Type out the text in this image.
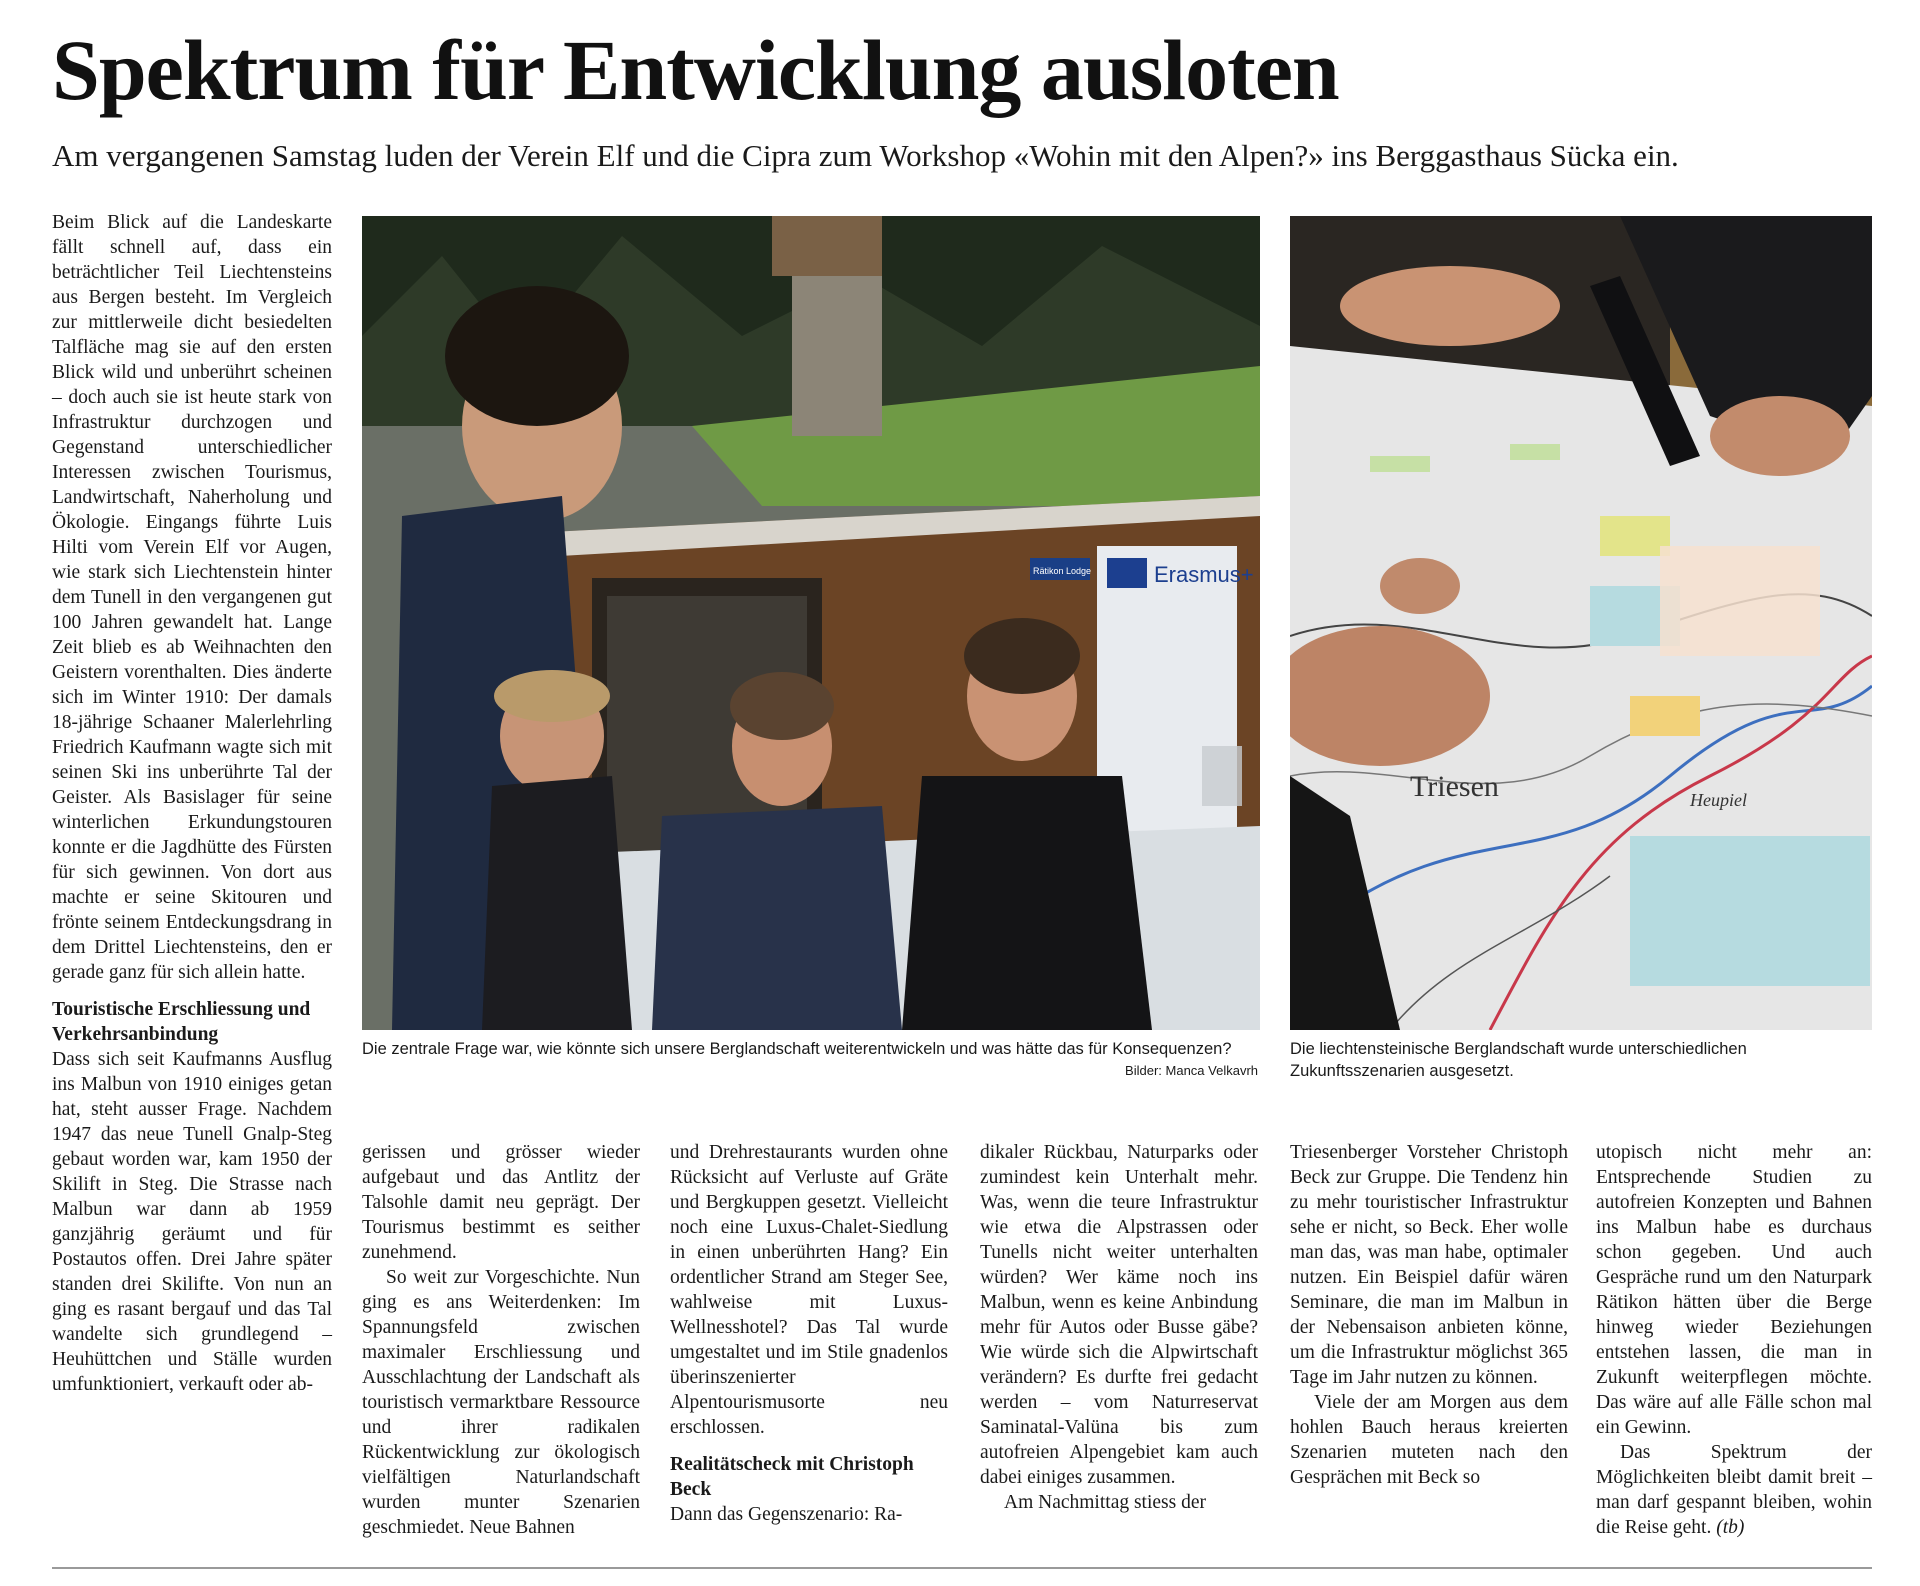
Spektrum für Entwicklung ausloten

Am vergangenen Samstag luden der Verein Elf und die Cipra zum Workshop «Wohin mit den Alpen?» ins Berggasthaus Sücka ein.

Beim Blick auf die Landeskarte fällt schnell auf, dass ein beträchtlicher Teil Liechtensteins aus Bergen besteht. Im Vergleich zur mittlerweile dicht besiedelten Talfläche mag sie auf den ersten Blick wild und unberührt scheinen – doch auch sie ist heute stark von Infrastruktur durchzogen und Gegenstand unterschiedlicher Interessen zwischen Tourismus, Landwirtschaft, Naherholung und Ökologie. Eingangs führte Luis Hilti vom Verein Elf vor Augen, wie stark sich Liechtenstein hinter dem Tunell in den vergangenen gut 100 Jahren gewandelt hat. Lange Zeit blieb es ab Weihnachten den Geistern vorenthalten. Dies änderte sich im Winter 1910: Der damals 18-jährige Schaaner Malerlehrling Friedrich Kaufmann wagte sich mit seinen Ski ins unberührte Tal der Geister. Als Basislager für seine winterlichen Erkundungstouren konnte er die Jagdhütte des Fürsten für sich gewinnen. Von dort aus machte er seine Skitouren und frönte seinem Entdeckungsdrang in dem Drittel Liechtensteins, den er gerade ganz für sich allein hatte.

Touristische Erschliessung und Verkehrsanbindung

Dass sich seit Kaufmanns Ausflug ins Malbun von 1910 einiges getan hat, steht ausser Frage. Nachdem 1947 das neue Tunell Gnalp-Steg gebaut worden war, kam 1950 der Skilift in Steg. Die Strasse nach Malbun war dann ab 1959 ganzjährig geräumt und für Postautos offen. Drei Jahre später standen drei Skilifte. Von nun an ging es rasant bergauf und das Tal wandelte sich grundlegend – Heuhüttchen und Ställe wurden umfunktioniert, verkauft oder ab-

Erasmus+
Rätikon Lodge
Triesen	Heupiel
Die zentrale Frage war, wie könnte sich unsere Berglandschaft weiterentwickeln und was hätte das für Konsequenzen?
Bilder: Manca Velkavrh
Die liechtensteinische Berglandschaft wurde unterschiedlichen Zukunftsszenarien ausgesetzt.

gerissen und grösser wieder aufgebaut und das Antlitz der Talsohle damit neu geprägt. Der Tourismus bestimmt es seither zunehmend.

So weit zur Vorgeschichte. Nun ging es ans Weiterdenken: Im Spannungsfeld zwischen maximaler Erschliessung und Ausschlachtung der Landschaft als touristisch vermarktbare Ressource und ihrer radikalen Rückentwicklung zur ökologisch vielfältigen Naturlandschaft wurden munter Szenarien geschmiedet. Neue Bahnen

und Drehrestaurants wurden ohne Rücksicht auf Verluste auf Gräte und Bergkuppen gesetzt. Vielleicht noch eine Luxus-Chalet-Siedlung in einen unberührten Hang? Ein ordentlicher Strand am Steger See, wahlweise mit Luxus-Wellnesshotel? Das Tal wurde umgestaltet und im Stile gnadenlos überinszenierter Alpentourismusorte neu erschlossen.

Realitätscheck mit Christoph Beck

Dann das Gegenszenario: Ra-

dikaler Rückbau, Naturparks oder zumindest kein Unterhalt mehr. Was, wenn die teure Infrastruktur wie etwa die Alpstrassen oder Tunells nicht weiter unterhalten würden? Wer käme noch ins Malbun, wenn es keine Anbindung mehr für Autos oder Busse gäbe? Wie würde sich die Alpwirtschaft verändern? Es durfte frei gedacht werden – vom Naturreservat Saminatal-Valüna bis zum autofreien Alpengebiet kam auch dabei einiges zusammen.

Am Nachmittag stiess der

Triesenberger Vorsteher Christoph Beck zur Gruppe. Die Tendenz hin zu mehr touristischer Infrastruktur sehe er nicht, so Beck. Eher wolle man das, was man habe, optimaler nutzen. Ein Beispiel dafür wären Seminare, die man im Malbun in der Nebensaison anbieten könne, um die Infrastruktur möglichst 365 Tage im Jahr nutzen zu können.

Viele der am Morgen aus dem hohlen Bauch heraus kreierten Szenarien muteten nach den Gesprächen mit Beck so

utopisch nicht mehr an: Entsprechende Studien zu autofreien Konzepten und Bahnen ins Malbun habe es durchaus schon gegeben. Und auch Gespräche rund um den Naturpark Rätikon hätten über die Berge hinweg wieder Beziehungen entstehen lassen, die man in Zukunft weiterpflegen möchte. Das wäre auf alle Fälle schon mal ein Gewinn.

Das Spektrum der Möglichkeiten bleibt damit breit – man darf gespannt bleiben, wohin die Reise geht. (tb)
